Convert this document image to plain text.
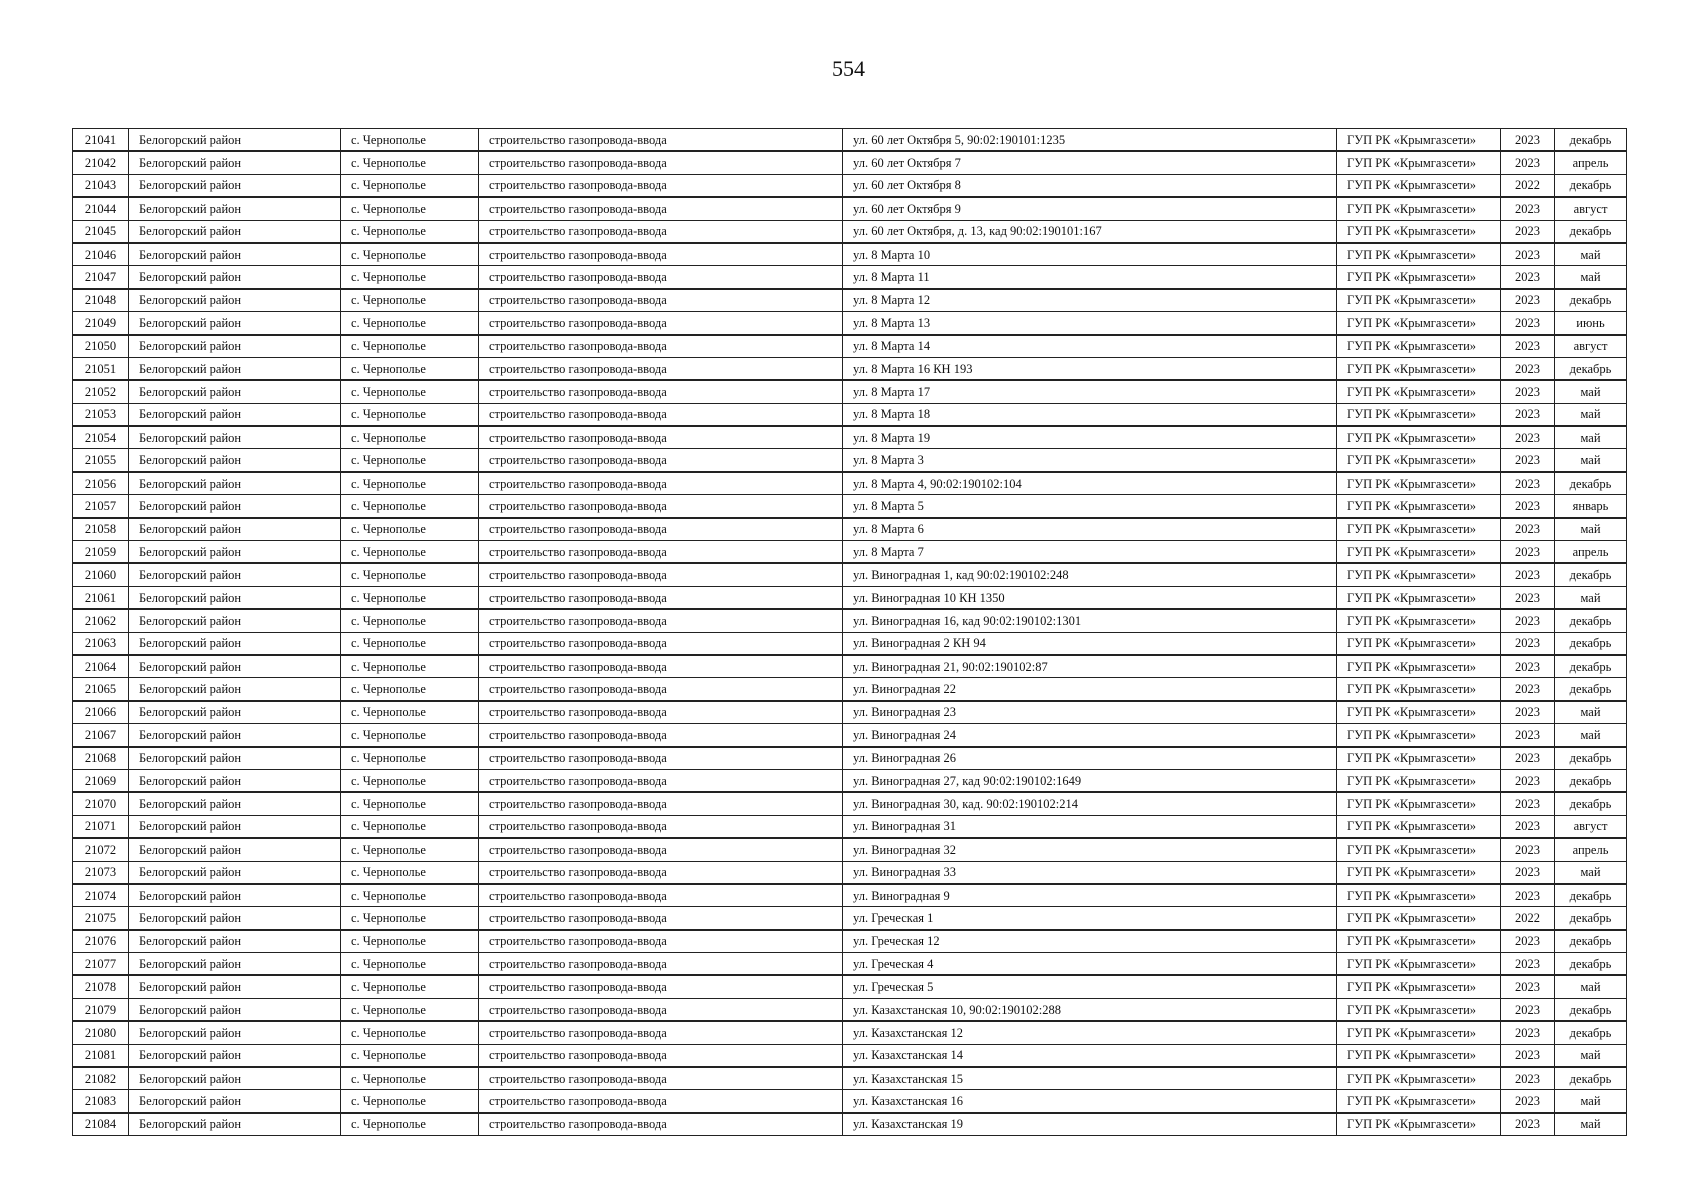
554
21041	Белогорский район	с. Чернополье	строительство газопровода-ввода	ул. 60 лет Октября 5, 90:02:190101:1235	ГУП РК «Крымгазсети»	2023	декабрь
21042	Белогорский район	с. Чернополье	строительство газопровода-ввода	ул. 60 лет Октября 7	ГУП РК «Крымгазсети»	2023	апрель
21043	Белогорский район	с. Чернополье	строительство газопровода-ввода	ул. 60 лет Октября 8	ГУП РК «Крымгазсети»	2022	декабрь
21044	Белогорский район	с. Чернополье	строительство газопровода-ввода	ул. 60 лет Октября 9	ГУП РК «Крымгазсети»	2023	август
21045	Белогорский район	с. Чернополье	строительство газопровода-ввода	ул. 60 лет Октября, д. 13, кад 90:02:190101:167	ГУП РК «Крымгазсети»	2023	декабрь
21046	Белогорский район	с. Чернополье	строительство газопровода-ввода	ул. 8 Марта 10	ГУП РК «Крымгазсети»	2023	май
21047	Белогорский район	с. Чернополье	строительство газопровода-ввода	ул. 8 Марта 11	ГУП РК «Крымгазсети»	2023	май
21048	Белогорский район	с. Чернополье	строительство газопровода-ввода	ул. 8 Марта 12	ГУП РК «Крымгазсети»	2023	декабрь
21049	Белогорский район	с. Чернополье	строительство газопровода-ввода	ул. 8 Марта 13	ГУП РК «Крымгазсети»	2023	июнь
21050	Белогорский район	с. Чернополье	строительство газопровода-ввода	ул. 8 Марта 14	ГУП РК «Крымгазсети»	2023	август
21051	Белогорский район	с. Чернополье	строительство газопровода-ввода	ул. 8 Марта 16 КН 193	ГУП РК «Крымгазсети»	2023	декабрь
21052	Белогорский район	с. Чернополье	строительство газопровода-ввода	ул. 8 Марта 17	ГУП РК «Крымгазсети»	2023	май
21053	Белогорский район	с. Чернополье	строительство газопровода-ввода	ул. 8 Марта 18	ГУП РК «Крымгазсети»	2023	май
21054	Белогорский район	с. Чернополье	строительство газопровода-ввода	ул. 8 Марта 19	ГУП РК «Крымгазсети»	2023	май
21055	Белогорский район	с. Чернополье	строительство газопровода-ввода	ул. 8 Марта 3	ГУП РК «Крымгазсети»	2023	май
21056	Белогорский район	с. Чернополье	строительство газопровода-ввода	ул. 8 Марта 4, 90:02:190102:104	ГУП РК «Крымгазсети»	2023	декабрь
21057	Белогорский район	с. Чернополье	строительство газопровода-ввода	ул. 8 Марта 5	ГУП РК «Крымгазсети»	2023	январь
21058	Белогорский район	с. Чернополье	строительство газопровода-ввода	ул. 8 Марта 6	ГУП РК «Крымгазсети»	2023	май
21059	Белогорский район	с. Чернополье	строительство газопровода-ввода	ул. 8 Марта 7	ГУП РК «Крымгазсети»	2023	апрель
21060	Белогорский район	с. Чернополье	строительство газопровода-ввода	ул. Виноградная 1, кад 90:02:190102:248	ГУП РК «Крымгазсети»	2023	декабрь
21061	Белогорский район	с. Чернополье	строительство газопровода-ввода	ул. Виноградная 10 КН 1350	ГУП РК «Крымгазсети»	2023	май
21062	Белогорский район	с. Чернополье	строительство газопровода-ввода	ул. Виноградная 16, кад 90:02:190102:1301	ГУП РК «Крымгазсети»	2023	декабрь
21063	Белогорский район	с. Чернополье	строительство газопровода-ввода	ул. Виноградная 2 КН 94	ГУП РК «Крымгазсети»	2023	декабрь
21064	Белогорский район	с. Чернополье	строительство газопровода-ввода	ул. Виноградная 21, 90:02:190102:87	ГУП РК «Крымгазсети»	2023	декабрь
21065	Белогорский район	с. Чернополье	строительство газопровода-ввода	ул. Виноградная 22	ГУП РК «Крымгазсети»	2023	декабрь
21066	Белогорский район	с. Чернополье	строительство газопровода-ввода	ул. Виноградная 23	ГУП РК «Крымгазсети»	2023	май
21067	Белогорский район	с. Чернополье	строительство газопровода-ввода	ул. Виноградная 24	ГУП РК «Крымгазсети»	2023	май
21068	Белогорский район	с. Чернополье	строительство газопровода-ввода	ул. Виноградная 26	ГУП РК «Крымгазсети»	2023	декабрь
21069	Белогорский район	с. Чернополье	строительство газопровода-ввода	ул. Виноградная 27, кад 90:02:190102:1649	ГУП РК «Крымгазсети»	2023	декабрь
21070	Белогорский район	с. Чернополье	строительство газопровода-ввода	ул. Виноградная 30, кад. 90:02:190102:214	ГУП РК «Крымгазсети»	2023	декабрь
21071	Белогорский район	с. Чернополье	строительство газопровода-ввода	ул. Виноградная 31	ГУП РК «Крымгазсети»	2023	август
21072	Белогорский район	с. Чернополье	строительство газопровода-ввода	ул. Виноградная 32	ГУП РК «Крымгазсети»	2023	апрель
21073	Белогорский район	с. Чернополье	строительство газопровода-ввода	ул. Виноградная 33	ГУП РК «Крымгазсети»	2023	май
21074	Белогорский район	с. Чернополье	строительство газопровода-ввода	ул. Виноградная 9	ГУП РК «Крымгазсети»	2023	декабрь
21075	Белогорский район	с. Чернополье	строительство газопровода-ввода	ул. Греческая 1	ГУП РК «Крымгазсети»	2022	декабрь
21076	Белогорский район	с. Чернополье	строительство газопровода-ввода	ул. Греческая 12	ГУП РК «Крымгазсети»	2023	декабрь
21077	Белогорский район	с. Чернополье	строительство газопровода-ввода	ул. Греческая 4	ГУП РК «Крымгазсети»	2023	декабрь
21078	Белогорский район	с. Чернополье	строительство газопровода-ввода	ул. Греческая 5	ГУП РК «Крымгазсети»	2023	май
21079	Белогорский район	с. Чернополье	строительство газопровода-ввода	ул. Казахстанская 10, 90:02:190102:288	ГУП РК «Крымгазсети»	2023	декабрь
21080	Белогорский район	с. Чернополье	строительство газопровода-ввода	ул. Казахстанская 12	ГУП РК «Крымгазсети»	2023	декабрь
21081	Белогорский район	с. Чернополье	строительство газопровода-ввода	ул. Казахстанская 14	ГУП РК «Крымгазсети»	2023	май
21082	Белогорский район	с. Чернополье	строительство газопровода-ввода	ул. Казахстанская 15	ГУП РК «Крымгазсети»	2023	декабрь
21083	Белогорский район	с. Чернополье	строительство газопровода-ввода	ул. Казахстанская 16	ГУП РК «Крымгазсети»	2023	май
21084	Белогорский район	с. Чернополье	строительство газопровода-ввода	ул. Казахстанская 19	ГУП РК «Крымгазсети»	2023	май
